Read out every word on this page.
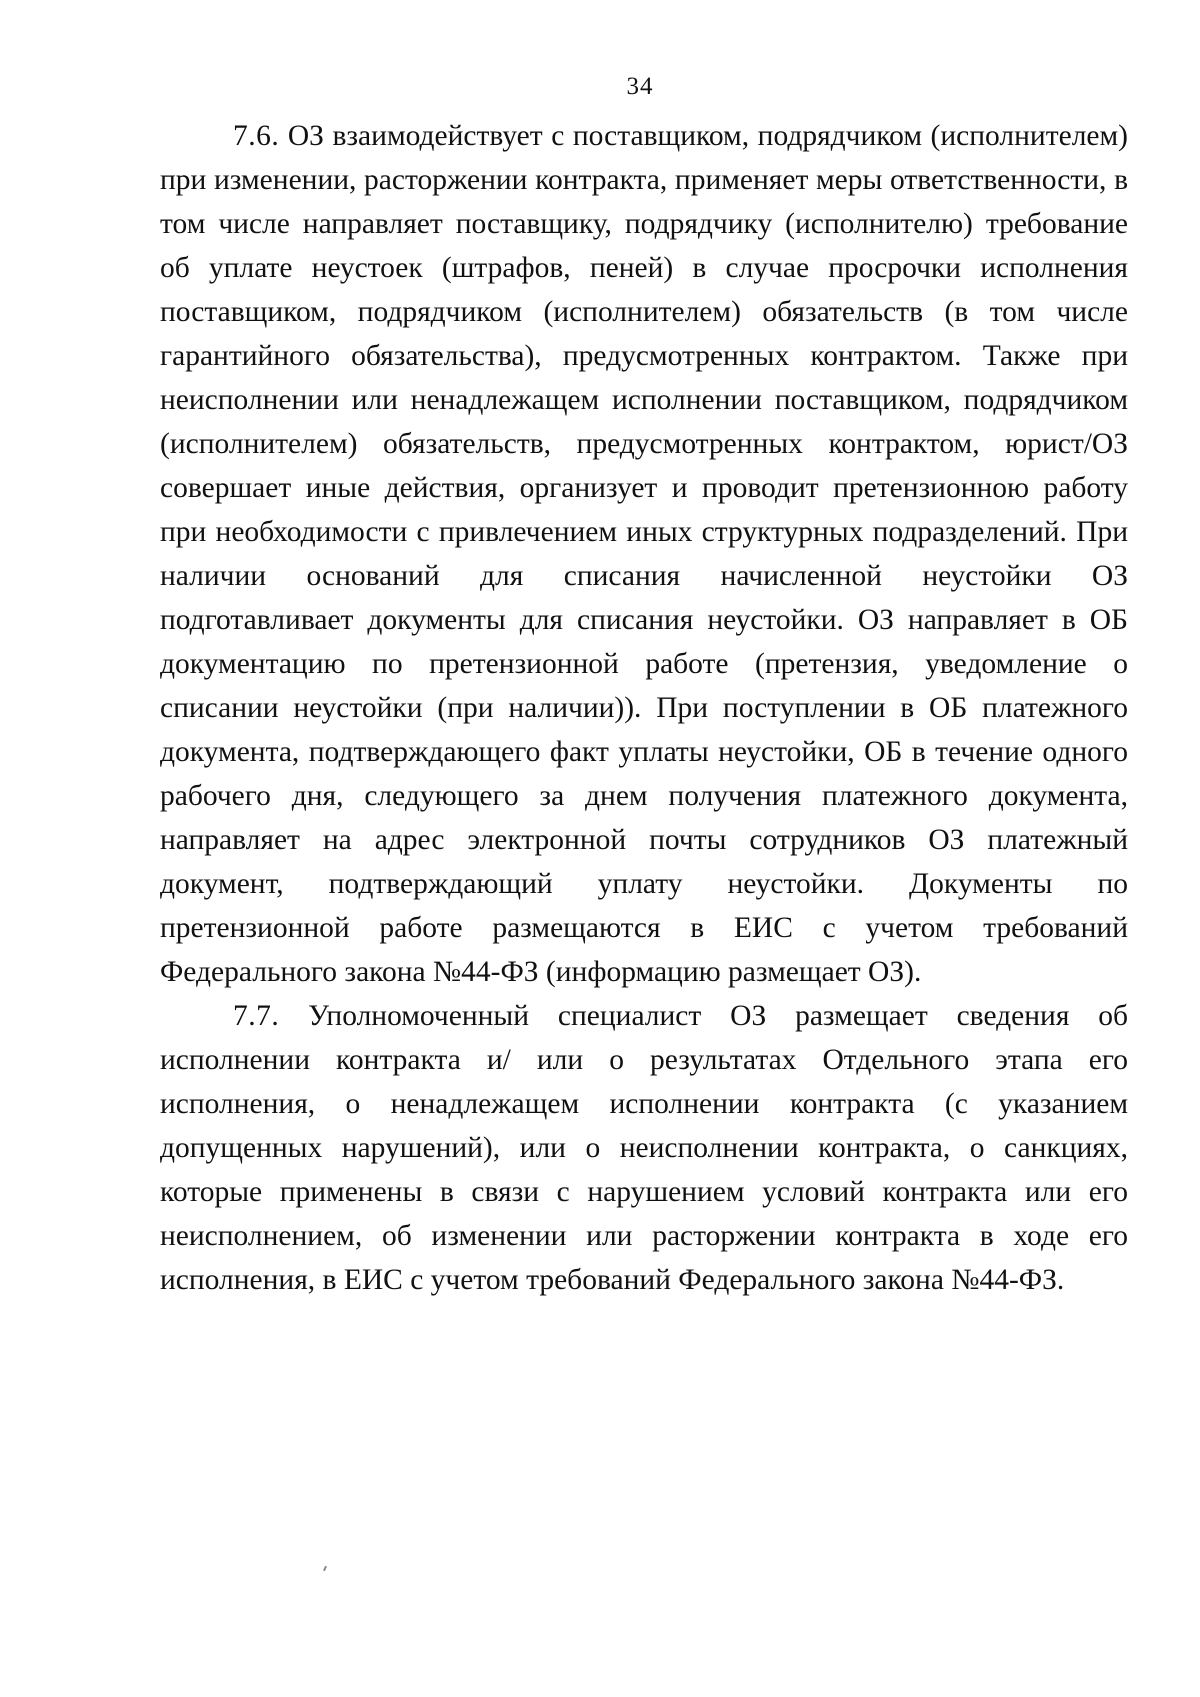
34

7.6. ОЗ взаимодействует с поставщиком, подрядчиком (исполнителем) при изменении, расторжении контракта, применяет меры ответственности, в том числе направляет поставщику, подрядчику (исполнителю) требование об уплате неустоек (штрафов, пеней) в случае просрочки исполнения поставщиком, подрядчиком (исполнителем) обязательств (в том числе гарантийного обязательства), предусмотренных контрактом. Также при неисполнении или ненадлежащем исполнении поставщиком, подрядчиком (исполнителем) обязательств, предусмотренных контрактом, юрист/ОЗ совершает иные действия, организует и проводит претензионною работу при необходимости с привлечением иных структурных подразделений. При наличии оснований для списания начисленной неустойки ОЗ подготавливает документы для списания неустойки. ОЗ направляет в ОБ документацию по претензионной работе (претензия, уведомление о списании неустойки (при наличии)). При поступлении в ОБ платежного документа, подтверждающего факт уплаты неустойки, ОБ в течение одного рабочего дня, следующего за днем получения платежного документа, направляет на адрес электронной почты сотрудников ОЗ платежный документ, подтверждающий уплату неустойки. Документы по претензионной работе размещаются в ЕИС с учетом требований Федерального закона №44-ФЗ (информацию размещает ОЗ).

7.7. Уполномоченный специалист ОЗ размещает сведения об исполнении контракта и/ или о результатах Отдельного этапа его исполнения, о ненадлежащем исполнении контракта (с указанием допущенных нарушений), или о неисполнении контракта, о санкциях, которые применены в связи с нарушением условий контракта или его неисполнением, об изменении или расторжении контракта в ходе его исполнения, в ЕИС с учетом требований Федерального закона №44-ФЗ.
